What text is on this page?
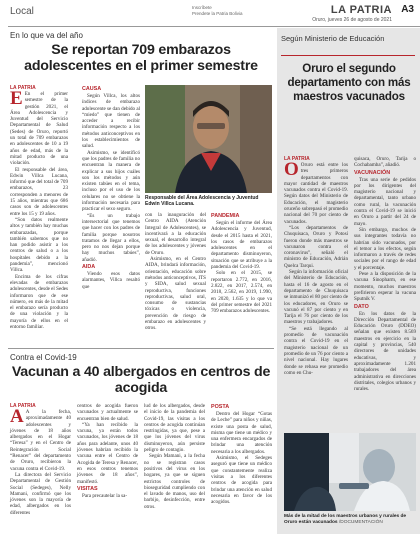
Local	Inscríbete
Prendete la Patria Bolivia	LA PATRIA A3
Oruro, jueves 26 de agosto de 2021
En lo que va del año
Se reportan 709 embarazos adolescentes en el primer semestre
LA PATRIA

E En el primer semestre de la gestión 2021, el Área Adolescencia y Juventud del Servicio Departamental de Salud (Sedes) de Oruro, reportó un total de 709 embarazos en adolescentes de 10 a 19 años de edad, más de la mitad producto de una violación.

El responsable del área, Edwin Villca Lucana, informó que del total de 709 embarazos, 23 corresponden a menores de 15 años, mientras que 686 casos son de adolescentes entre los 15 y 19 años.

“Son datos realmente altos y también hay muchas embarazadas, porque también sabemos que no han podido asistir a los centros de salud o a los hospitales debido a la pandemia”, mencionó Villca.

Encima de los cifras elevadas de embarazos adolescentes, desde el Sedes informaron que de ese número, en más de la mitad el embarazo sería producto de una violación y la mayoría de ellos en el entorno familiar.

CAUSA

Según Villca, los altos índices de embarazo adolescente se dan debido al “miedo” que tienen de acceder a recibir información respecto a los métodos anticonceptivos en los establecimientos de salud.

Asimismo, se identificó que los padres de familia no encuentran la manera de explicar a sus hijos cuáles son los métodos y aún existen tabúes en el tema, incluso por el uso de los celulares no se obtiene la información necesaria para practicar el sexo seguro.

“Es un trabajo intersectorial que tenemos que hacer con los padres de familia porque nosotros tratamos de llegar a ellos, pero no nos dejan porque hay muchos tabúes”, añadió.

AIDA

Viendo esos datos alarmantes, Villca resaltó que

Responsable del Área Adolescencia y Juventud Edwin Villca Lucana.

con la inauguración del Centro AIDA (Atención Integral de Adolescentes), se incentivará a la educación sexual, el desarrollo integral de los adolescentes y jóvenes de Oruro.

Asimismo, en el Centro AIDA, brindará información, orientación, educación sobre métodos anticonceptivos, ITS y SIDA, salud sexual reproductiva, funciones reproductivas, salud oral, consumo de sustancias tóxicas o violencia, prevención de riesgo de embarazo en adolescentes y otros.

PANDEMIA

Según el informe del Área Adolescencia y Juventud, desde el 2015 hasta el 2021, los casos de embarazos adolescentes en el departamento disminuyeron, situación que se atribuye a la pandemia del Covid-19.

Solo en el 2015, se reportaron 2.772, en 2016, 2.822, en 2017, 2.574, en 2018, 2.562, en 2019, 1.990, en 2020, 1.635 y lo que va del primer semestre del 2021 709 embarazos adolescentes.

Contra el Covid-19
Vacunan a 40 albergados en centros de acogida
LA PATRIA

A A la fecha, aproximadamente 40 adolescentes y jóvenes de 18 años albergados en el Hogar “Teresa” y en el Centro de Reintegración Social “Renacer” del departamento de Oruro, recibieron la vacuna contra el Covid-19.

La directora del Servicio Departamental de Gestión Social (Sedeges), Nelly Mamani, confirmó que los jóvenes son la mayoría de edad, albergados en los diferentes

centros de acogida fueron vacunados y actualmente se encuentran bien de salud.

“Ya han recibido la vacuna, ya están todos vacunados, los jóvenes de 18 años para adelante, unos 40 jóvenes habrían recibido la vacuna entre el Centro de Acogida de Teresa y Renacer, en esos centros tenemos jóvenes de 18 años”, manifestó.

VISITAS

Para precautelar la sa-

lud de los albergados, desde el inicio de la pandemia del Covid-19, las visitas a los centros de acogida continúan restringidas, ya que, pese a que los jóvenes del virus disminuyeron, aún persiste peligro de contagio.

Según Mamani, a la fecha no se registran casos positivos del virus en los hogares, ya que se siguen estrictos controles de bioseguridad cumpliendo con el lavado de manos, uso del barbijo, desinfección, entre otros.

POSTA

Dentro del Hogar “Gotas de Leche” para niños y niñas, existe una posta de salud, misma que tiene un médico y una enfermera encargados de brindar una atención necesaria a los albergados.

Asimismo, el Sedeges aseguró que tiene un médico que constantemente realiza visitas a los diferentes centros de acogida para brindar una atención en salud necesaria en favor de los acogidos.

Según Ministerio de Educación
Oruro el segundo departamento con más maestros vacunados
LA PATRIA

O Oruro está entre los tres primeros departamentos con mayor cantidad de maestros vacunados contra el Covid-19. Según datos del Ministerio de Educación, el magisterio oruceño sobrepasó el promedio nacional del 70 por ciento de vacunados.

“Los departamentos de Chuquisaca, Oruro y Potosí fueron donde más maestros se vacunaron contra el coronavirus”, señaló el ministro de Educación, Adrián Quelca Tarqui.

Según la información oficial del Ministerio de Educación, hasta el 16 de agosto en el departamento de Chuquisaca se inmunizó el 80 por ciento de los educadores, en Oruro se vacunó el 87 por ciento y en Tarija el 76 por ciento de los maestros y trabajadores.

“Se está llegando al promedio de vacunación contra el Covid-19 en el magisterio nacional de un promedio de un 76 por ciento a nivel nacional. Hay lugares donde se rebasa ese promedio como en Chu-

quisaca, Oruro, Tarija o Cochabamba”, añadió.

VACUNACIÓN

Tras una serie de pedidos por los dirigentes del magisterio nacional y departamental, tanto urbano como rural, la vacunación contra el Covid-19 se inició en Oruro a partir del 24 de mayo.

Sin embargo, muchos de sus integrantes todavía no habrían sido vacunados, por el temor a los efectos, según informaron a través de redes sociales por el rango de edad y el porcentaje.

Pese a la disposición de la vacuna Sinopharm, en ese momento, muchos maestros prefirieron esperar la vacuna Sputnik V.

DATO

En los datos de la Dirección Departamental de Educación Oruro (DDEO) señalan que existen 8.569 maestros en ejercicio en la capital y provincias, 540 directores de unidades educativas, y aproximadamente 1.201 trabajadores del área administrativa en direcciones distritales, colegios urbanos y rurales.

Más de la mitad de los maestros urbanos y rurales de Oruro están vacunados /DOCUMENTACIÓN
